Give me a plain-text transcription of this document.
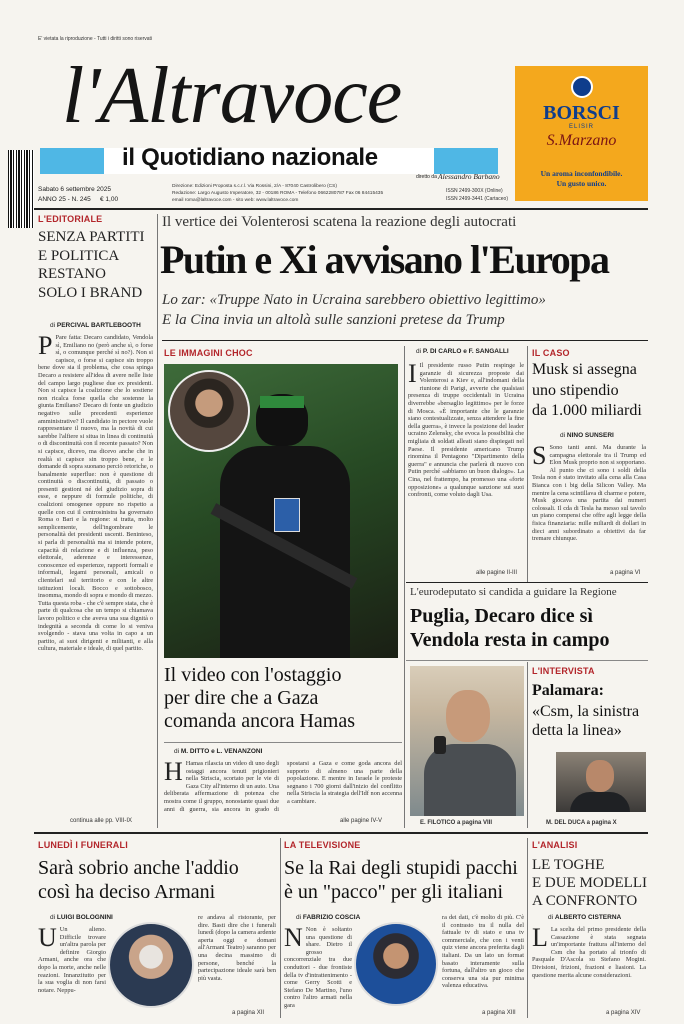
E' vietata la riproduzione - Tutti i diritti sono riservati
l'Altravoce
il Quotidiano nazionale
Sabato 6 settembre 2025
ANNO 25 - N. 245 € 1,00
diretto da Alessandro Barbano
Direzione: Edizioni Proposta s.c.r.l. Via Rossini, 2/A - 87040 Castrolibero (CS)
Redazione: Largo Augusto Imperatore, 32 - 00186 ROMA - Telefono 0662280787 Fax 06 84415435
email roma@laltravoce.com - sito web: www.laltravoce.com
ISSN 2499-300X (Online)
ISSN 2499-3441 (Cartaceo)
BORSCI
ELISIR
S.Marzano
Un aroma inconfondibile.
Un gusto unico.
L'EDITORIALE
SENZA PARTITI
E POLITICA
RESTANO
SOLO I BRAND
di PERCIVAL BARTLEBOOTH
P Pare fatta: Decaro candidato, Vendola sì, Emiliano no (però anche sì, o forse sì, o comunque perché sì no?). Non si capisce, o forse si capisce sin troppo bene dove sia il problema, che cosa spinga Decaro a resistere all'idea di avere nelle liste del campo largo pugliese due ex presidenti. Non si capisce la coalizione che lo sostiene non ricalca forse quella che sostenne la giunta Emiliano? Decaro di fonte un giudizio negativo sulle precedenti esperienze amministrative? Il candidato in pectore vuole rappresentare il nuovo, ma la novità di cui sarebbe l'alfiere si situa in linea di continuità o di discontinuità con il recente passato? Non si capisce, dicevo, ma dicevo anche che in realtà si capisce sin troppo bene, e le domande di sopra suonano perciò retoriche, o banalmente superflue: non è questione di continuità o discontinuità, di passato o presenti gestioni né del giudizio sopra di esse, e neppure di formule politiche, di coalizioni omogenee oppure no rispetto a quelle con cui il centrosinistra ha governato Roma o Bari e la regione: si tratta, molto semplicemente, dell'ingombrare le personalità dei presidenti uscenti. Beninteso, si parla di personalità ma si intende potere, capacità di relazione e di influenza, peso elettorale, aderenze e interessenze, conoscenze ed esperienze, rapporti formali e informali, legami personali, amicali o clientelari sul territorio e con le altre istituzioni locali. Bocco e sottobosco, insomma, mondo di sopra e mondo di mezzo. Tutta questa roba - che c'è sempre stata, che è parte di qualcosa che un tempo si chiamava lavoro politico e che aveva una sua dignità o indegnità a seconda di come lo si veniva svolgendo - stava una volta in capo a un partito, ai suoi dirigenti e militanti, e alla cultura, materiale e ideale, di quel partito.
continua alle pp. VIII-IX
Il vertice dei Volenterosi scatena la reazione degli autocrati
Putin e Xi avvisano l'Europa
Lo zar: «Truppe Nato in Ucraina sarebbero obiettivo legittimo»
E la Cina invia un altolà sulle sanzioni pretese da Trump
LE IMMAGINI CHOC
Il video con l'ostaggio
per dire che a Gaza
comanda ancora Hamas
di M. DITTO e L. VENANZONI
H Hamas rilascia un video di uno degli ostaggi ancora tenuti prigionieri nella Striscia, scortato per le vie di Gaza City all'interno di un auto. Una deliberata affermazione di potenza che mostra come il gruppo, nonostante quasi due anni di guerra, sia ancora in grado di spostarsi a Gaza e come goda ancora del supporto di almeno una parte della popolazione. E mentre in Israele le proteste segnano i 700 giorni dall'inizio del conflitto nella Striscia la strategia dell'Idf non accenna a cambiare.
alle pagine IV-V
di P. DI CARLO e F. SANGALLI
I Il presidente russo Putin respinge le garanzie di sicurezza proposte dai Volenterosi a Kiev e, all'indomani della riunione di Parigi, avverte che qualsiasi presenza di truppe occidentali in Ucraina diverrebbe «bersaglio legittimo» per le forze di Mosca. «È importante che le garanzie siano contestualizzate, senza attendere la fine della guerra», è invece la posizione del leader ucraino Zelensky, che evoca la possibilità che migliaia di soldati alleati siano dispiegati nel Paese. Il presidente americano Trump rinomina il Pentagono "Dipartimento della guerra" e annuncia che parlerà di nuovo con Putin perché «abbiamo un buon dialogo». La Cina, nel frattempo, ha promesso una «forte opposizione» a qualunque sanzione sui suoi confronti, come voluto dagli Usa.
alle pagine II-III
IL CASO
Musk si assegna
uno stipendio
da 1.000 miliardi
di NINO SUNSERI
S Sono tanti anni. Ma durante la campagna elettorale tra il Trump ed Elon Musk proprio non si sopportano. Al punto che ci sono i soldi della Tesla non è stato invitato alla cena alla Casa Bianca con i big della Silicon Valley. Ma mentre la cena scintillava di charme e potere, Musk giocava una partita dai numeri colossali. Il cda di Tesla ha messo sul tavolo un piano compensi che offre agli legge della fisica finanziaria: mille miliardi di dollari in dieci anni subordinato a obiettivi da far tremare chiunque.
a pagina VI
L'eurodeputato si candida a guidare la Regione
Puglia, Decaro dice sì
Vendola resta in campo
E. FILOTICO a pagina VIII
L'INTERVISTA
Palamara:
«Csm, la sinistra
detta la linea»
M. DEL DUCA a pagina X
LUNEDÌ I FUNERALI
Sarà sobrio anche l'addio
così ha deciso Armani
di LUIGI BOLOGNINI
U Un alieno. Difficile trovare un'altra parola per definire Giorgio Armani, anche ora che dopo la morte, anche nelle reazioni. Innanzitutto per la sua voglia di non farsi notare. Neppu-
re andava al ristorante, per dire. Basti dire che i funerali lunedì (dopo la camera ardente aperta oggi e domani all'Armani Teatro) saranno per una decina massimo di persone, benché la partecipazione ideale sarà ben più vasta.
a pagina XII
LA TELEVISIONE
Se la Rai degli stupidi pacchi
è un "pacco" per gli italiani
di FABRIZIO COSCIA
N Non è soltanto una questione di share. Dietro il grosso concorrenziale tra due conduttori - due frontiste della tv d'intrattenimento - come Gerry Scotti e Stefano De Martino, l'uno contro l'altro armati nella gara
ra dei dati, c'è molto di più. C'è il contrasto tra il nulla del fattuale tv di stato e una tv commerciale, che con i venti quiz viene ancora preferita dagli italiani. Da un lato un format basato interamente sulla fortuna, dall'altro un gioco che conserva una sia pur minima valenza educativa.
a pagina XIII
L'ANALISI
LE TOGHE
E DUE MODELLI
A CONFRONTO
di ALBERTO CISTERNA
L La scelta del primo presidente della Cassazione è stata segnata un'importante frattura all'interno del Csm che ha portato al trionfo di Pasquale D'Ascola su Stefano Mogini. Divisioni, frizioni, frazioni e liasioni. La questione merita alcune considerazioni.
a pagina XIV
